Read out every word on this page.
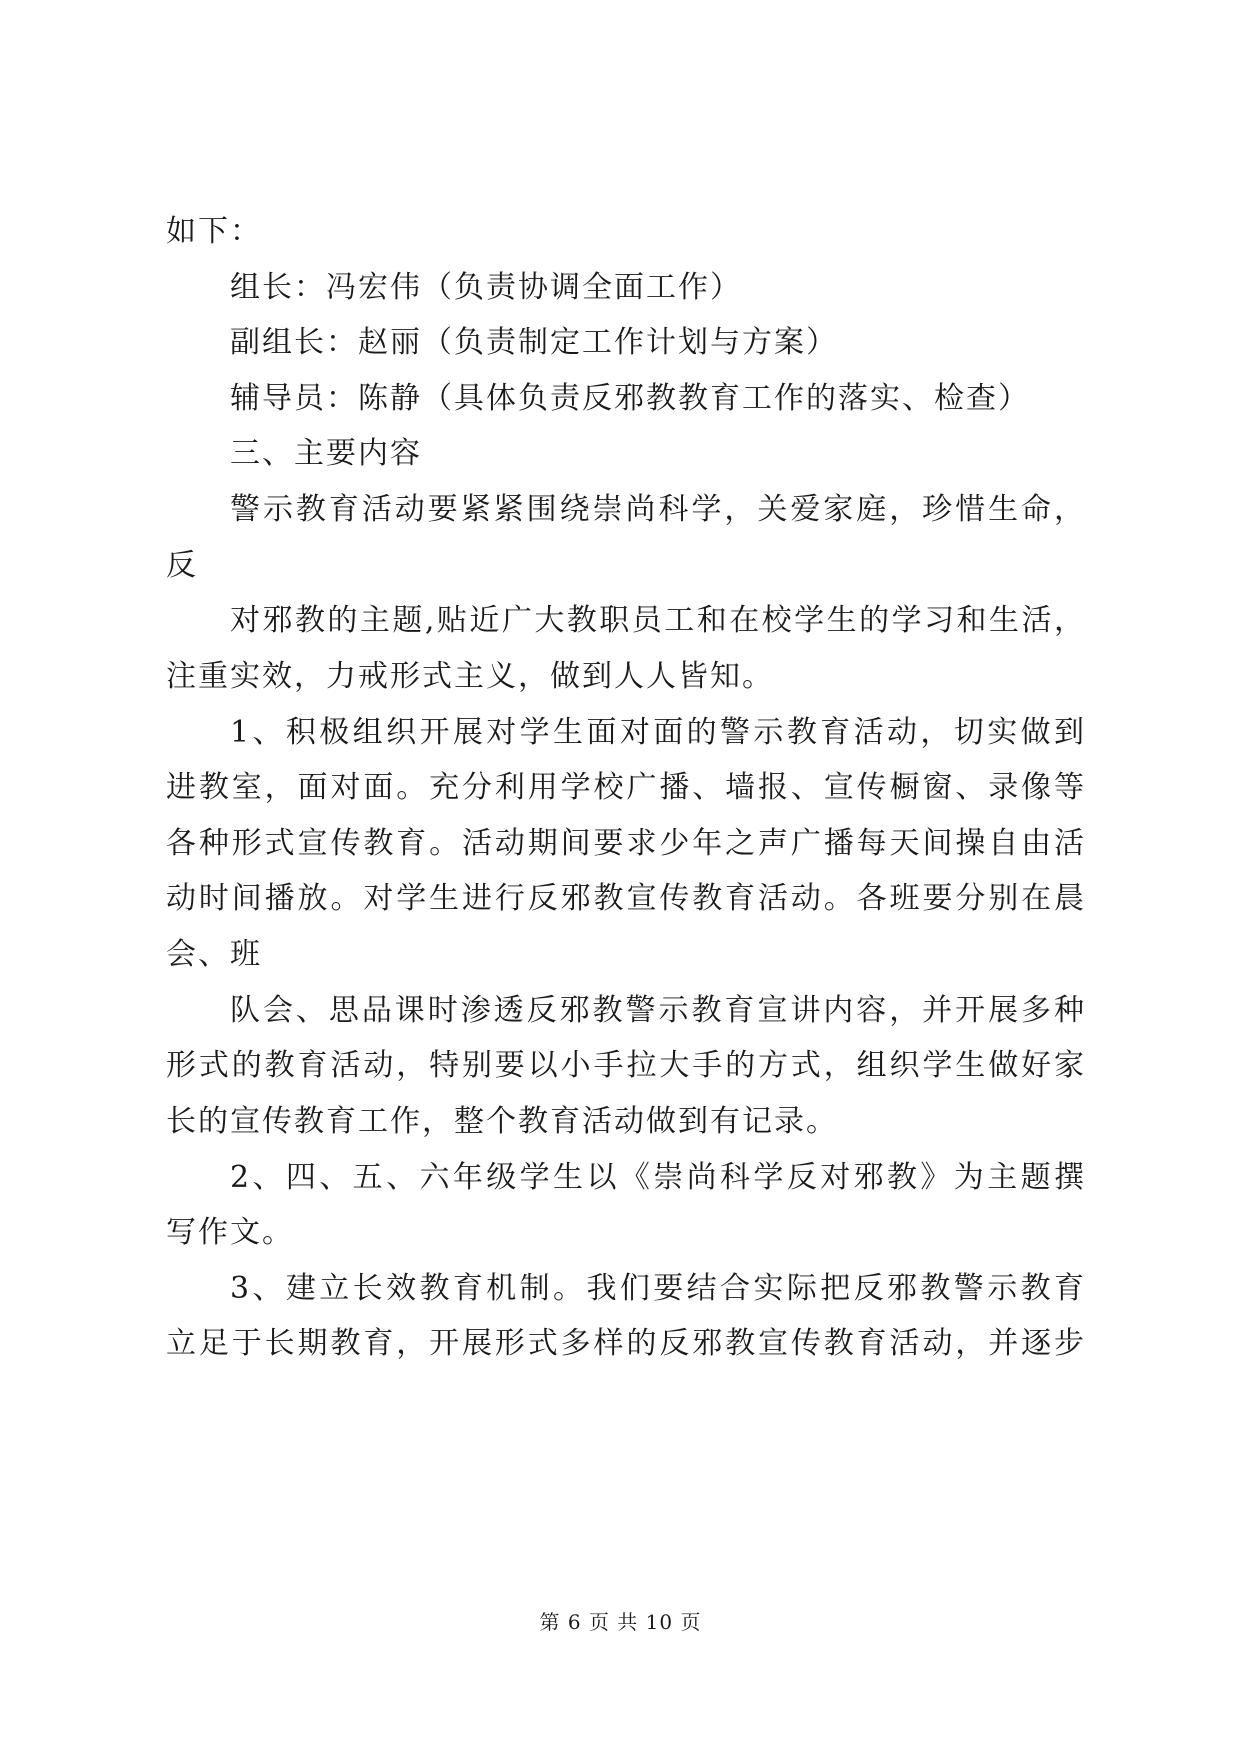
如下：
组长：冯宏伟（负责协调全面工作）
副组长：赵丽（负责制定工作计划与方案）
辅导员：陈静（具体负责反邪教教育工作的落实、检查）
三、主要内容
警示教育活动要紧紧围绕崇尚科学，关爱家庭，珍惜生命，
反
对邪教的主题,贴近广大教职员工和在校学生的学习和生活，
注重实效，力戒形式主义，做到人人皆知。
1、积极组织开展对学生面对面的警示教育活动，切实做到
进教室，面对面。充分利用学校广播、墙报、宣传橱窗、录像等
各种形式宣传教育。活动期间要求少年之声广播每天间操自由活
动时间播放。对学生进行反邪教宣传教育活动。各班要分别在晨
会、班
队会、思品课时渗透反邪教警示教育宣讲内容，并开展多种
形式的教育活动，特别要以小手拉大手的方式，组织学生做好家
长的宣传教育工作，整个教育活动做到有记录。
2、四、五、六年级学生以《崇尚科学反对邪教》为主题撰
写作文。
3、建立长效教育机制。我们要结合实际把反邪教警示教育
立足于长期教育，开展形式多样的反邪教宣传教育活动，并逐步
第 6 页 共 10 页
